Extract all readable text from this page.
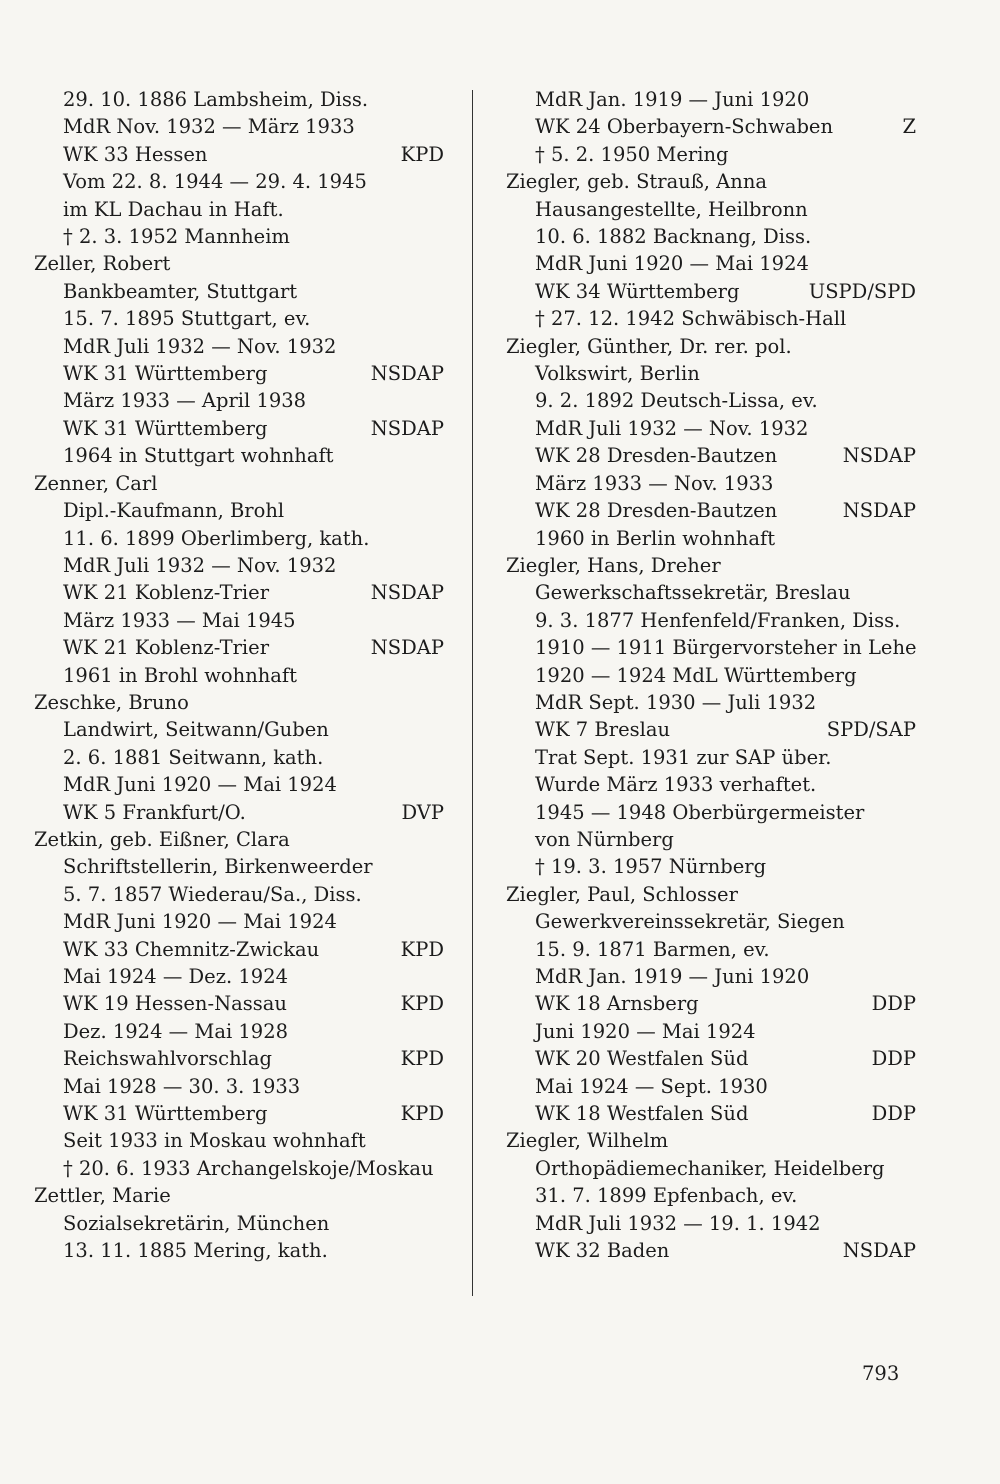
29. 10. 1886 Lambsheim, Diss.
MdR Nov. 1932 — März 1933
WK 33 Hessen	KPD
Vom 22. 8. 1944 — 29. 4. 1945
im KL Dachau in Haft.
† 2. 3. 1952 Mannheim
Zeller, Robert
Bankbeamter, Stuttgart
15. 7. 1895 Stuttgart, ev.
MdR Juli 1932 — Nov. 1932
WK 31 Württemberg	NSDAP
März 1933 — April 1938
WK 31 Württemberg	NSDAP
1964 in Stuttgart wohnhaft
Zenner, Carl
Dipl.-Kaufmann, Brohl
11. 6. 1899 Oberlimberg, kath.
MdR Juli 1932 — Nov. 1932
WK 21 Koblenz-Trier	NSDAP
März 1933 — Mai 1945
WK 21 Koblenz-Trier	NSDAP
1961 in Brohl wohnhaft
Zeschke, Bruno
Landwirt, Seitwann/Guben
2. 6. 1881 Seitwann, kath.
MdR Juni 1920 — Mai 1924
WK 5 Frankfurt/O.	DVP
Zetkin, geb. Eißner, Clara
Schriftstellerin, Birkenweerder
5. 7. 1857 Wiederau/Sa., Diss.
MdR Juni 1920 — Mai 1924
WK 33 Chemnitz-Zwickau	KPD
Mai 1924 — Dez. 1924
WK 19 Hessen-Nassau	KPD
Dez. 1924 — Mai 1928
Reichswahlvorschlag	KPD
Mai 1928 — 30. 3. 1933
WK 31 Württemberg	KPD
Seit 1933 in Moskau wohnhaft
† 20. 6. 1933 Archangelskoje/Moskau
Zettler, Marie
Sozialsekretärin, München
13. 11. 1885 Mering, kath.
MdR Jan. 1919 — Juni 1920
WK 24 Oberbayern-Schwaben	Z
† 5. 2. 1950 Mering
Ziegler, geb. Strauß, Anna
Hausangestellte, Heilbronn
10. 6. 1882 Backnang, Diss.
MdR Juni 1920 — Mai 1924
WK 34 Württemberg	USPD/SPD
† 27. 12. 1942 Schwäbisch-Hall
Ziegler, Günther, Dr. rer. pol.
Volkswirt, Berlin
9. 2. 1892 Deutsch-Lissa, ev.
MdR Juli 1932 — Nov. 1932
WK 28 Dresden-Bautzen	NSDAP
März 1933 — Nov. 1933
WK 28 Dresden-Bautzen	NSDAP
1960 in Berlin wohnhaft
Ziegler, Hans, Dreher
Gewerkschaftssekretär, Breslau
9. 3. 1877 Henfenfeld/Franken, Diss.
1910 — 1911 Bürgervorsteher in Lehe
1920 — 1924 MdL Württemberg
MdR Sept. 1930 — Juli 1932
WK 7 Breslau	SPD/SAP
Trat Sept. 1931 zur SAP über.
Wurde März 1933 verhaftet.
1945 — 1948 Oberbürgermeister
von Nürnberg
† 19. 3. 1957 Nürnberg
Ziegler, Paul, Schlosser
Gewerkvereinssekretär, Siegen
15. 9. 1871 Barmen, ev.
MdR Jan. 1919 — Juni 1920
WK 18 Arnsberg	DDP
Juni 1920 — Mai 1924
WK 20 Westfalen Süd	DDP
Mai 1924 — Sept. 1930
WK 18 Westfalen Süd	DDP
Ziegler, Wilhelm
Orthopädiemechaniker, Heidelberg
31. 7. 1899 Epfenbach, ev.
MdR Juli 1932 — 19. 1. 1942
WK 32 Baden	NSDAP
793
